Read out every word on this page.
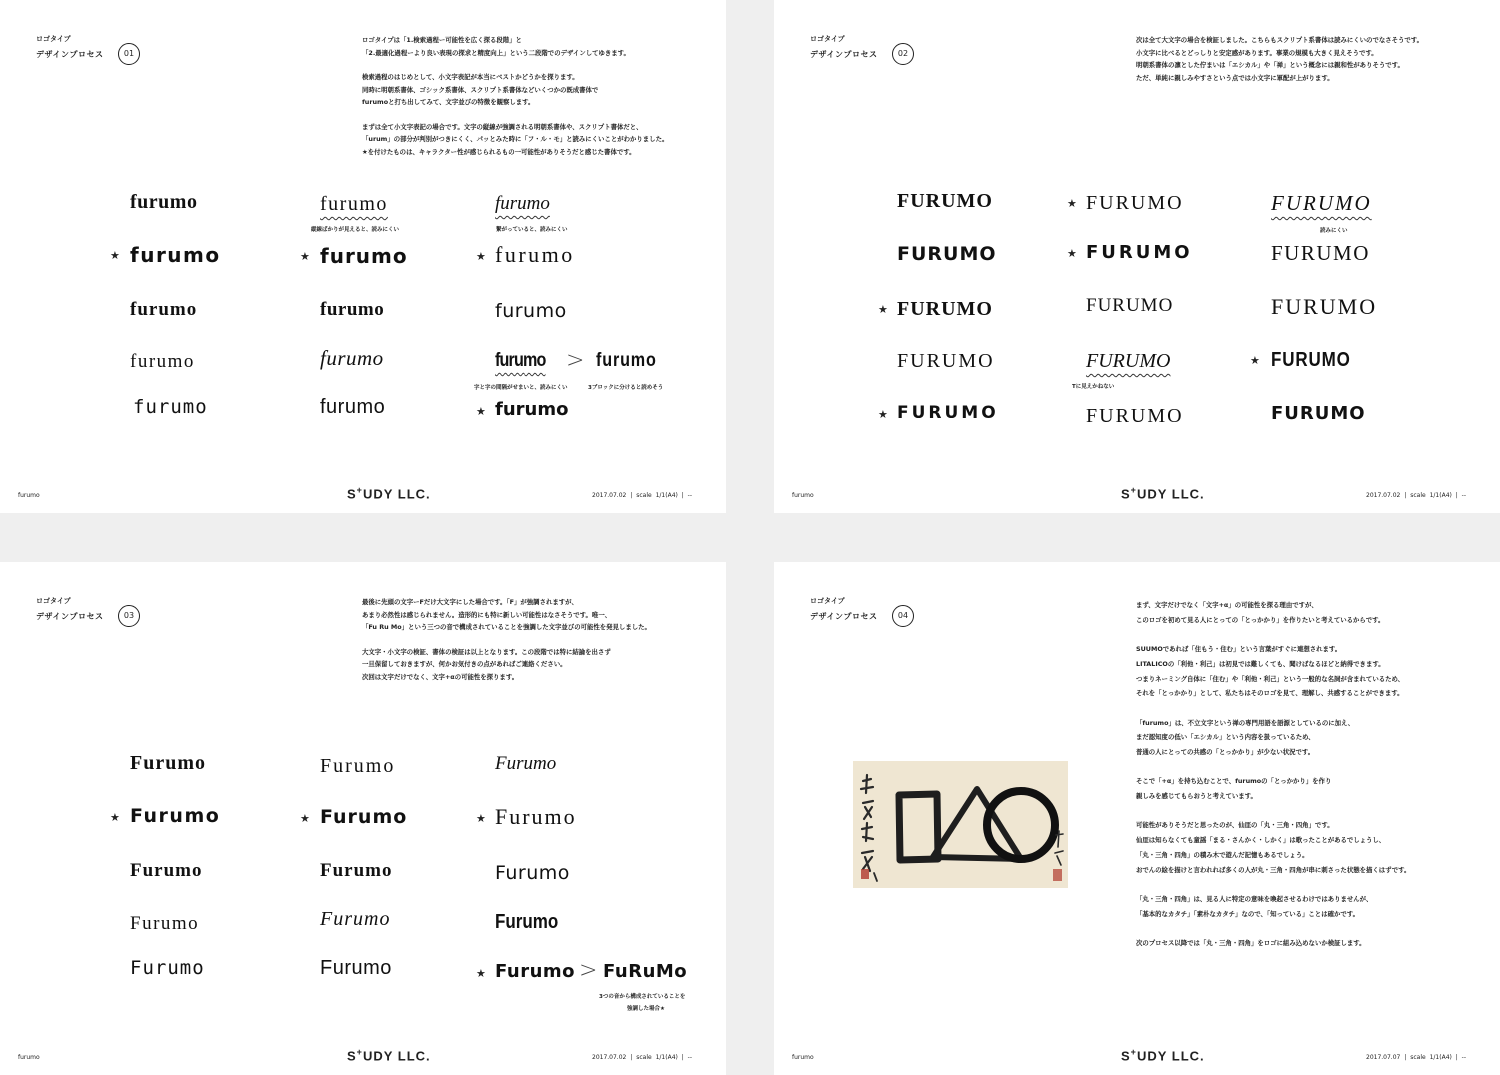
ロゴタイプ
デザインプロセス	01

ロゴタイプは「1.検索過程ー可能性を広く探る段階」と
「2.最適化過程ーより良い表現の探求と精度向上」という二段階でのデザインしてゆきます。

検索過程のはじめとして、小文字表記が本当にベストかどうかを探ります。
同時に明朝系書体、ゴシック系書体、スクリプト系書体などいくつかの既成書体で
furumoと打ち出してみて、文字並びの特徴を観察します。

まずは全て小文字表記の場合です。文字の縦線が強調される明朝系書体や、スクリプト書体だと、
「urum」の部分が判別がつきにくく、パッとみた時に「フ・ル・モ」と読みにくいことがわかりました。
★を付けたものは、キャラクター性が感じられるもの一可能性がありそうだと感じた書体です。

furumo
★ furumo
furumo
furumo
furumo
furumo
縦線ばかりが見えると、読みにくい
★ furumo
furumo
furumo
furumo
furumo
繋がっていると、読みにくい
★ furumo
furumo
furumo > furumo
字と字の間隔がせまいと、読みにくい	3ブロックに分けると読めそう
★ furumo
furumo	S+UDY LLC.	2017.07.02 | scale 1/1(A4) | --
ロゴタイプ
デザインプロセス	02

次は全て大文字の場合を検証しました。こちらもスクリプト系書体は読みにくいのでなさそうです。
小文字に比べるとどっしりと安定感があります。事業の規模も大きく見えそうです。
明朝系書体の凛とした佇まいは「エシカル」や「禅」という概念には親和性がありそうです。
ただ、単純に親しみやすさという点では小文字に軍配が上がります。

FURUMO
FURUMO
★ FURUMO
FURUMO
★ FURUMO
★ FURUMO
★ FURUMO
FURUMO
FURUMO
Tに見えかねない
FURUMO
FURUMO
読みにくい
FURUMO
FURUMO
★ FURUMO
FURUMO
furumo	S+UDY LLC.	2017.07.02 | scale 1/1(A4) | --
ロゴタイプ
デザインプロセス	03

最後に先頭の文字ーFだけ大文字にした場合です。「F」が強調されますが、
あまり必然性は感じられません。造形的にも特に新しい可能性はなさそうです。唯一、
「Fu Ru Mo」という三つの音で構成されていることを強調した文字並びの可能性を発見しました。

大文字・小文字の検証、書体の検証は以上となります。この段階では特に結論を出さず
一旦保留しておきますが、何かお気付きの点があればご連絡ください。
次回は文字だけでなく、文字+αの可能性を探ります。

Furumo
★ Furumo
Furumo
Furumo
Furumo
Furumo
★ Furumo
Furumo
Furumo
Furumo
Furumo
★ Furumo
Furumo
Furumo
★ Furumo > FuRuMo
3つの音から構成されていることを
強調した場合★
furumo	S+UDY LLC.	2017.07.02 | scale 1/1(A4) | --
ロゴタイプ
デザインプロセス	04

まず、文字だけでなく「文字+α」の可能性を探る理由ですが、
このロゴを初めて見る人にとっての「とっかかり」を作りたいと考えているからです。

SUUMOであれば「住もう・住む」という言葉がすぐに連想されます。
LITALICOの「利他・利己」は初見では難しくても、聞けばなるほどと納得できます。
つまりネーミング自体に「住む」や「利他・利己」という一般的な名詞が含まれているため、
それを「とっかかり」として、私たちはそのロゴを見て、理解し、共感することができます。

「furumo」は、不立文字という禅の専門用語を語源としているのに加え、
まだ認知度の低い「エシカル」という内容を扱っているため、
普通の人にとっての共感の「とっかかり」が少ない状況です。

そこで「+α」を持ち込むことで、furumoの「とっかかり」を作り
親しみを感じてもらおうと考えています。

可能性がありそうだと思ったのが、仙厓の「丸・三角・四角」です。
仙厓は知らなくても童謡「まる・さんかく・しかく」は歌ったことがあるでしょうし、
「丸・三角・四角」の積み木で遊んだ記憶もあるでしょう。
おでんの絵を描けと言われれば多くの人が丸・三角・四角が串に刺さった状態を描くはずです。

「丸・三角・四角」は、見る人に特定の意味を喚起させるわけではありませんが、
「基本的なカタチ」「素朴なカタチ」なので、「知っている」ことは確かです。

次のプロセス以降では「丸・三角・四角」をロゴに組み込めないか検証します。

furumo	S+UDY LLC.	2017.07.07 | scale 1/1(A4) | --
